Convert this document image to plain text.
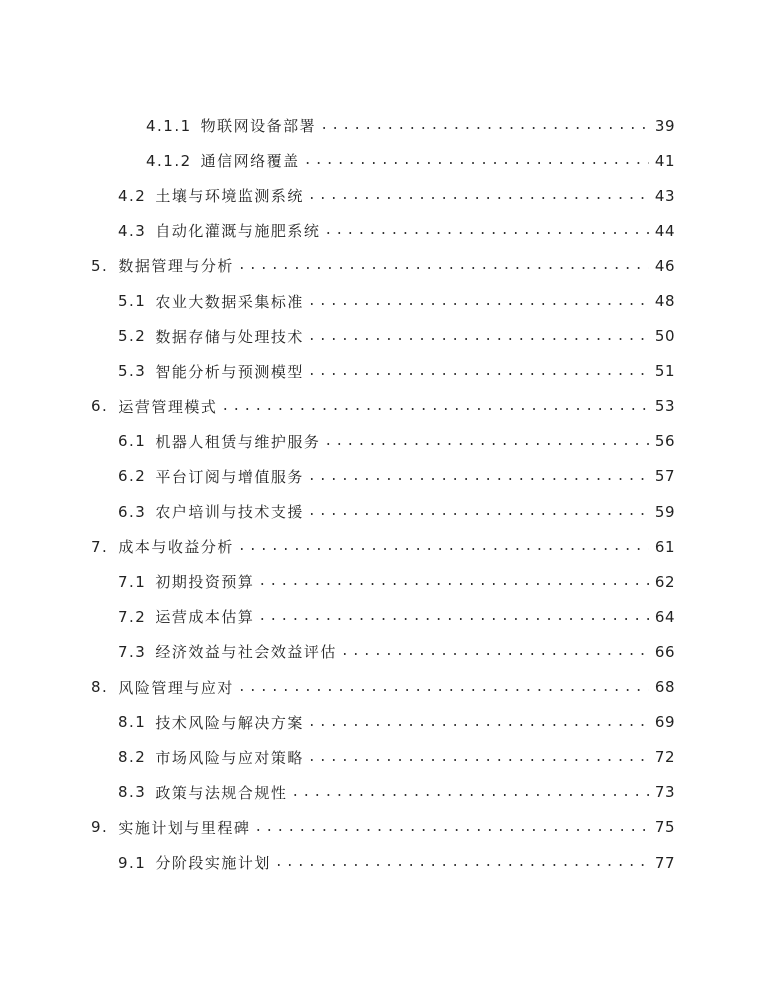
4.1.1 物联网设备部署 .....	39
4.1.2 通信网络覆盖 .....	41
4.2 土壤与环境监测系统 .....	43
4.3 自动化灌溉与施肥系统 .....	44
5. 数据管理与分析 .....	46
5.1 农业大数据采集标准 .....	48
5.2 数据存储与处理技术 .....	50
5.3 智能分析与预测模型 .....	51
6. 运营管理模式 .....	53
6.1 机器人租赁与维护服务 .....	56
6.2 平台订阅与增值服务 .....	57
6.3 农户培训与技术支援 .....	59
7. 成本与收益分析 .....	61
7.1 初期投资预算 .....	62
7.2 运营成本估算 .....	64
7.3 经济效益与社会效益评估 .....	66
8. 风险管理与应对 .....	68
8.1 技术风险与解决方案 .....	69
8.2 市场风险与应对策略 .....	72
8.3 政策与法规合规性 .....	73
9. 实施计划与里程碑 .....	75
9.1 分阶段实施计划 .....	77
